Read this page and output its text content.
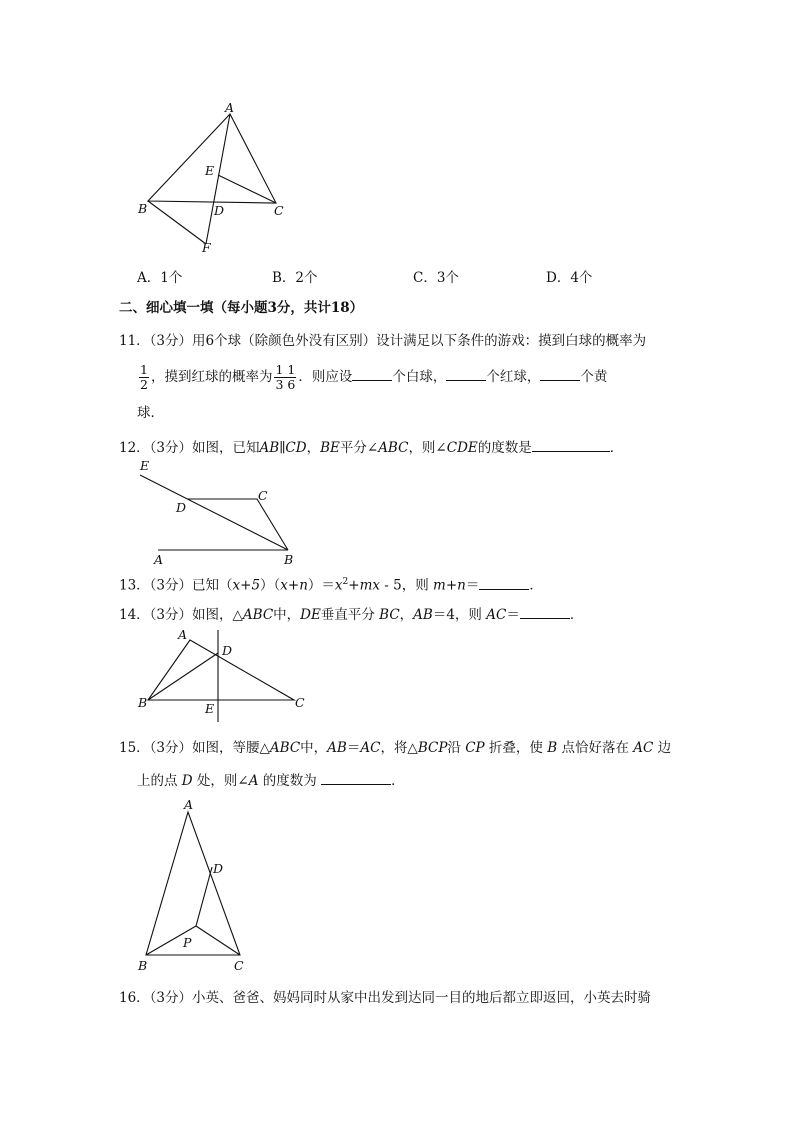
A
E
B	D	C
F
A．1个	B．2个	C．3个	D．4个
二、细心填一填（每小题3分，共计18）
11．（3分）用6个球（除颜色外没有区别）设计满足以下条件的游戏：摸到白球的概率为
$\frac{1}{2}$ ，摸到红球的概率为 $\frac{1 1}{3 6}$ ．则应设	个白球，	个红球，	个黄
球．
12．（3分）如图，已知AB∥CD，BE平分∠ABC，则∠CDE的度数是	．
E
C
D
A	B
13．（3分）已知$(x+5)(x+n)=x^2+mx - 5$，则 m+n＝	．
14．（3分）如图，△ABC中，DE垂直平分 BC，AB＝4，则 AC＝	．
A
D
B	E	C
15．（3分）如图，等腰△ABC中，AB＝AC，将△BCP沿 CP 折叠，使 B 点恰好落在 AC 边
上的点 D 处，则∠A 的度数为	．
A
D
P
B	C
16．（3分）小英、爸爸、妈妈同时从家中出发到达同一目的地后都立即返回，小英去时骑
